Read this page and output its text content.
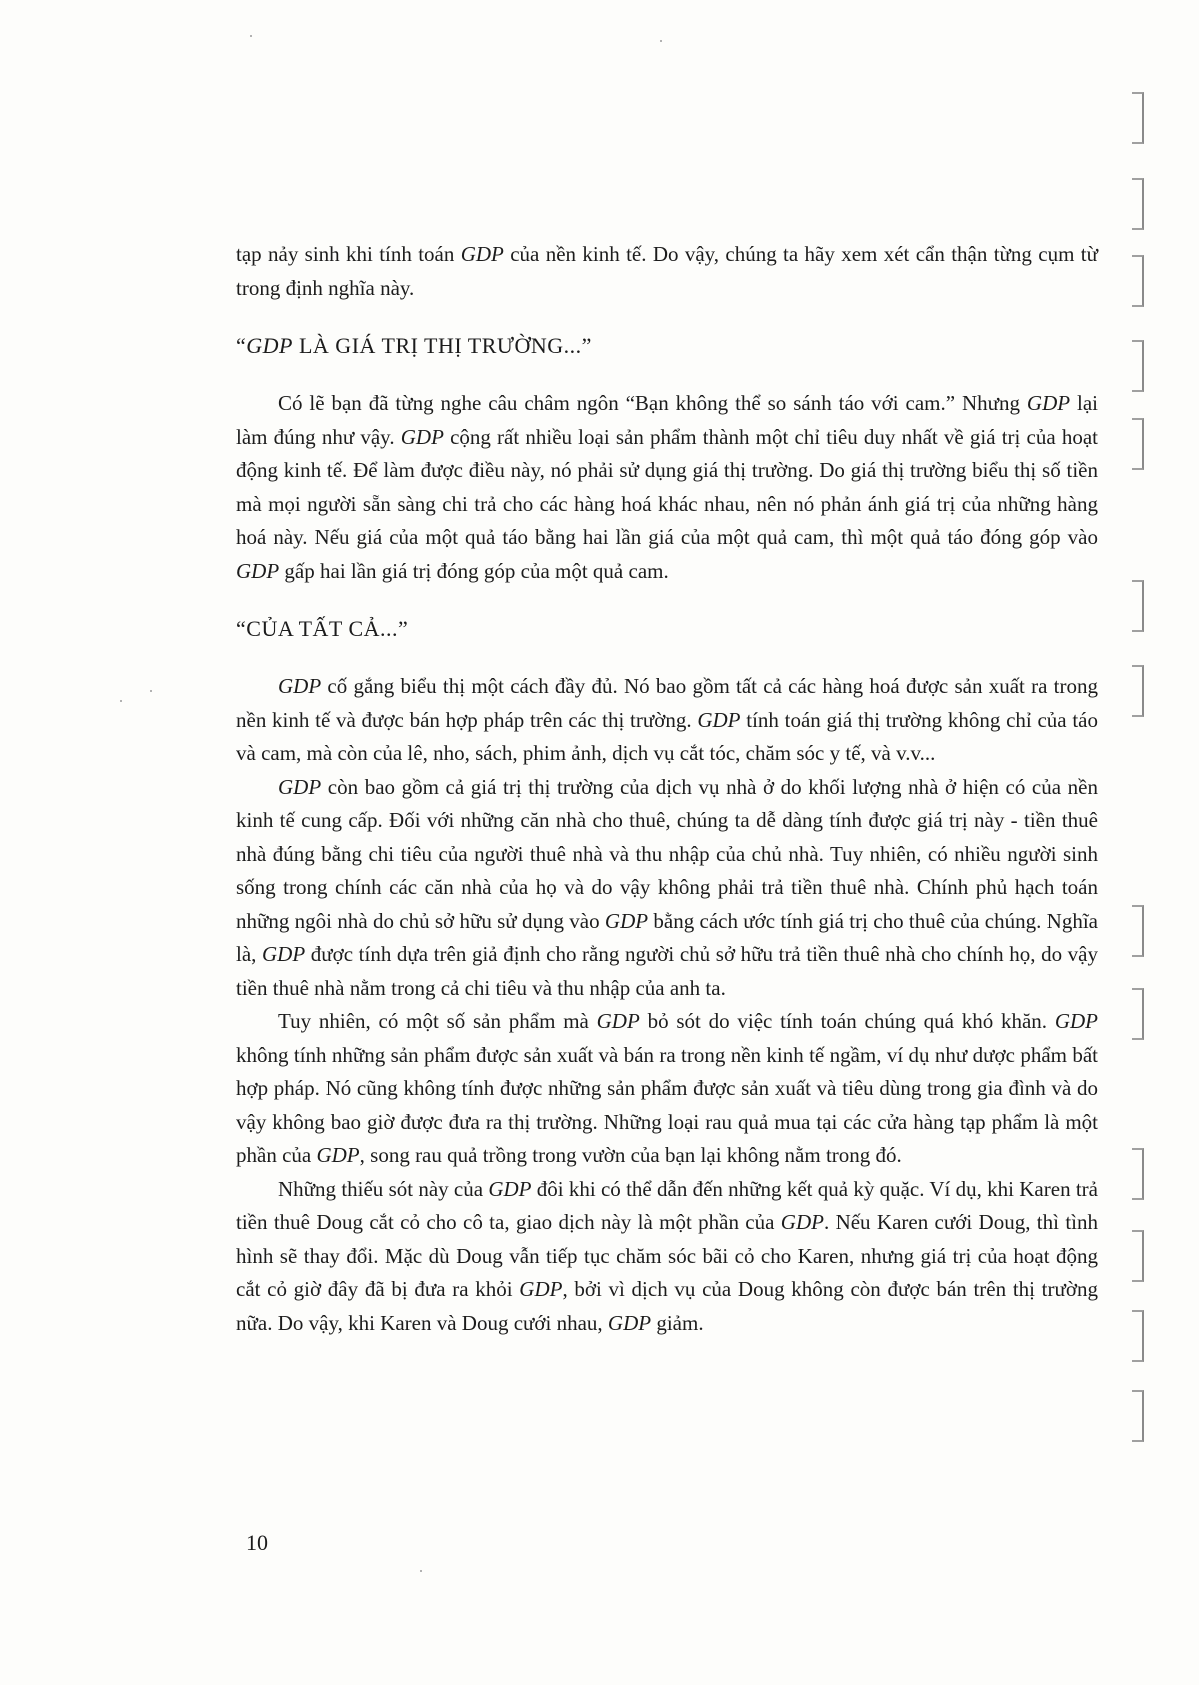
tạp nảy sinh khi tính toán GDP của nền kinh tế. Do vậy, chúng ta hãy xem xét cẩn thận từng cụm từ trong định nghĩa này.

“GDP LÀ GIÁ TRỊ THỊ TRƯỜNG...”

Có lẽ bạn đã từng nghe câu châm ngôn “Bạn không thể so sánh táo với cam.” Nhưng GDP lại làm đúng như vậy. GDP cộng rất nhiều loại sản phẩm thành một chỉ tiêu duy nhất về giá trị của hoạt động kinh tế. Để làm được điều này, nó phải sử dụng giá thị trường. Do giá thị trường biểu thị số tiền mà mọi người sẵn sàng chi trả cho các hàng hoá khác nhau, nên nó phản ánh giá trị của những hàng hoá này. Nếu giá của một quả táo bằng hai lần giá của một quả cam, thì một quả táo đóng góp vào GDP gấp hai lần giá trị đóng góp của một quả cam.

“CỦA TẤT CẢ...”

GDP cố gắng biểu thị một cách đầy đủ. Nó bao gồm tất cả các hàng hoá được sản xuất ra trong nền kinh tế và được bán hợp pháp trên các thị trường. GDP tính toán giá thị trường không chỉ của táo và cam, mà còn của lê, nho, sách, phim ảnh, dịch vụ cắt tóc, chăm sóc y tế, và v.v...

GDP còn bao gồm cả giá trị thị trường của dịch vụ nhà ở do khối lượng nhà ở hiện có của nền kinh tế cung cấp. Đối với những căn nhà cho thuê, chúng ta dễ dàng tính được giá trị này - tiền thuê nhà đúng bằng chi tiêu của người thuê nhà và thu nhập của chủ nhà. Tuy nhiên, có nhiều người sinh sống trong chính các căn nhà của họ và do vậy không phải trả tiền thuê nhà. Chính phủ hạch toán những ngôi nhà do chủ sở hữu sử dụng vào GDP bằng cách ước tính giá trị cho thuê của chúng. Nghĩa là, GDP được tính dựa trên giả định cho rằng người chủ sở hữu trả tiền thuê nhà cho chính họ, do vậy tiền thuê nhà nằm trong cả chi tiêu và thu nhập của anh ta.

Tuy nhiên, có một số sản phẩm mà GDP bỏ sót do việc tính toán chúng quá khó khăn. GDP không tính những sản phẩm được sản xuất và bán ra trong nền kinh tế ngầm, ví dụ như dược phẩm bất hợp pháp. Nó cũng không tính được những sản phẩm được sản xuất và tiêu dùng trong gia đình và do vậy không bao giờ được đưa ra thị trường. Những loại rau quả mua tại các cửa hàng tạp phẩm là một phần của GDP, song rau quả trồng trong vườn của bạn lại không nằm trong đó.

Những thiếu sót này của GDP đôi khi có thể dẫn đến những kết quả kỳ quặc. Ví dụ, khi Karen trả tiền thuê Doug cắt cỏ cho cô ta, giao dịch này là một phần của GDP. Nếu Karen cưới Doug, thì tình hình sẽ thay đổi. Mặc dù Doug vẫn tiếp tục chăm sóc bãi cỏ cho Karen, nhưng giá trị của hoạt động cắt cỏ giờ đây đã bị đưa ra khỏi GDP, bởi vì dịch vụ của Doug không còn được bán trên thị trường nữa. Do vậy, khi Karen và Doug cưới nhau, GDP giảm.

10
